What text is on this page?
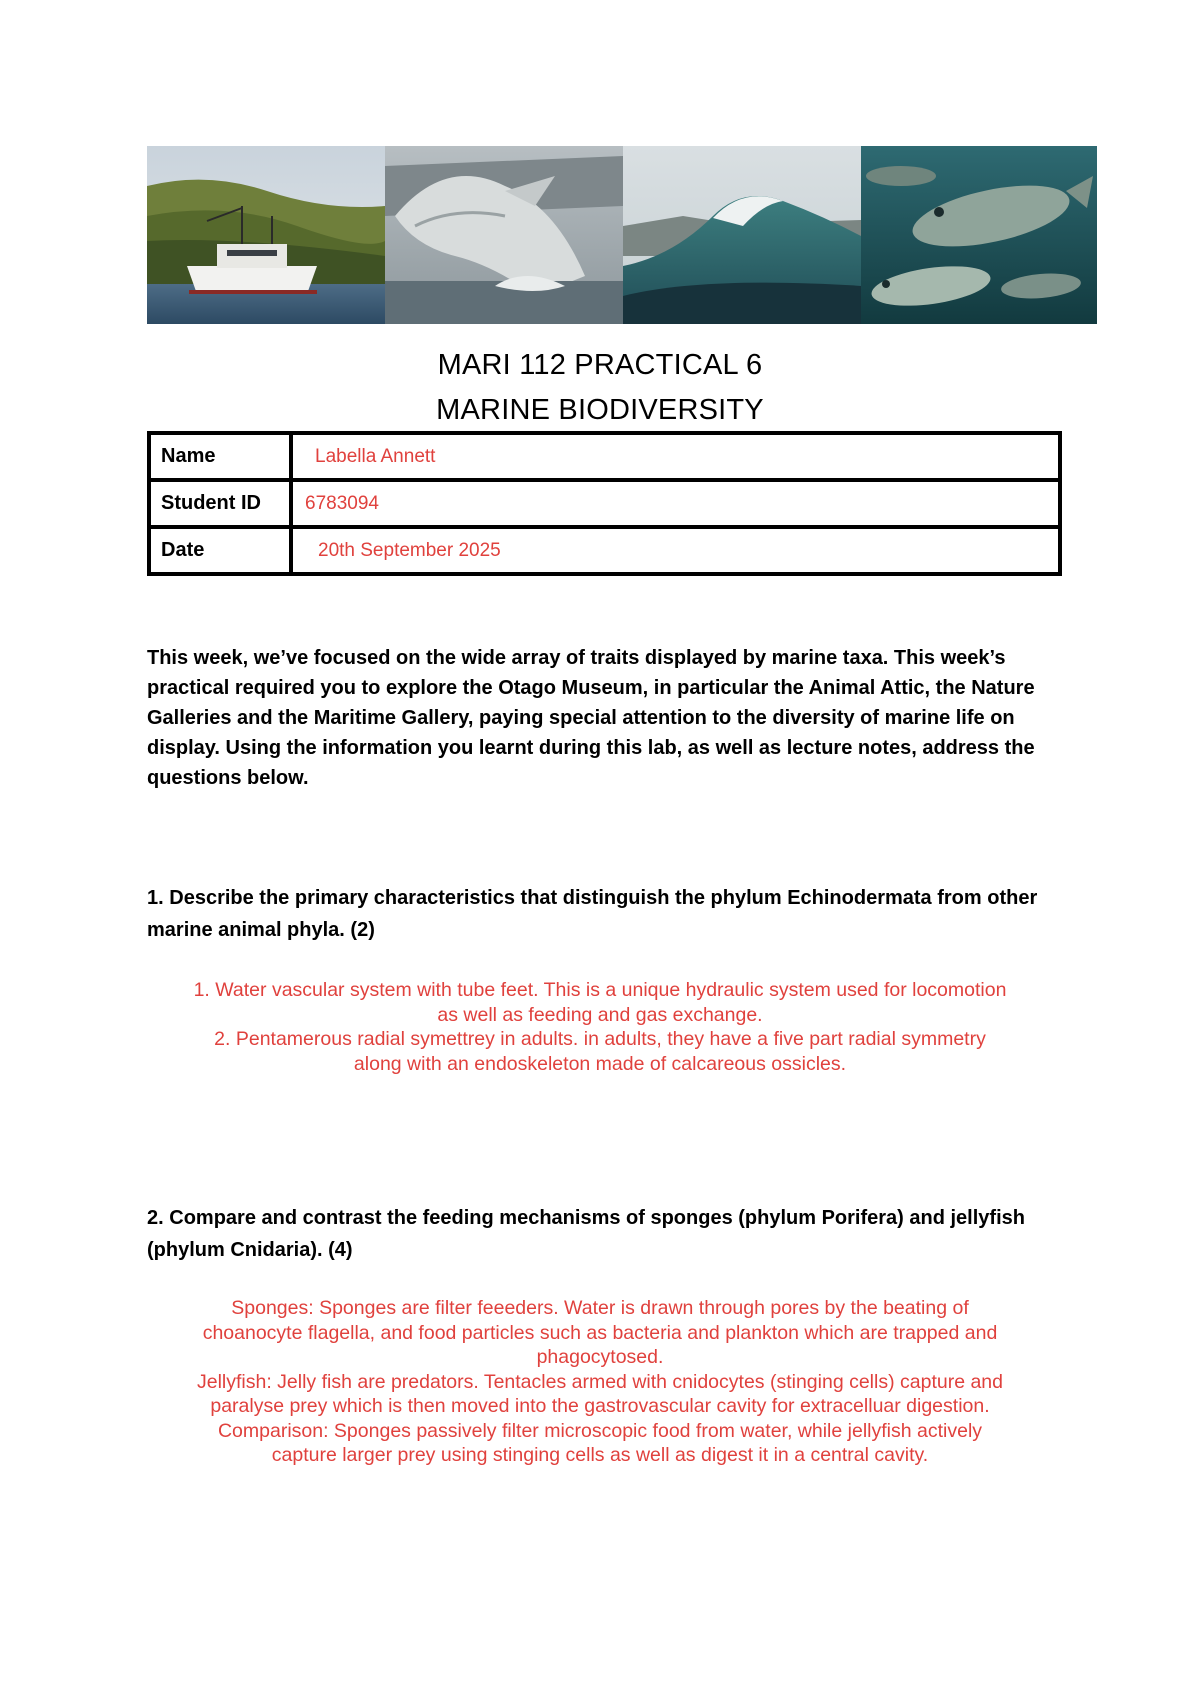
MARI 112 PRACTICAL 6
MARINE BIODIVERSITY
Name	Labella Annett
Student ID	6783094
Date	20th September 2025
This week, we’ve focused on the wide array of traits displayed by marine taxa. This week’s practical required you to explore the Otago Museum, in particular the Animal Attic, the Nature Galleries and the Maritime Gallery, paying special attention to the diversity of marine life on display. Using the information you learnt during this lab, as well as lecture notes, address the questions below.
1. Describe the primary characteristics that distinguish the phylum Echinodermata from other marine animal phyla. (2)

1. Water vascular system with tube feet. This is a unique hydraulic system used for locomotion

as well as feeding and gas exchange.

2. Pentamerous radial symettrey in adults. in adults, they have a five part radial symmetry

along with an endoskeleton made of calcareous ossicles.

2. Compare and contrast the feeding mechanisms of sponges (phylum Porifera) and jellyfish (phylum Cnidaria). (4)

Sponges: Sponges are filter feeeders. Water is drawn through pores by the beating of

choanocyte flagella, and food particles such as bacteria and plankton which are trapped and

phagocytosed.

Jellyfish: Jelly fish are predators. Tentacles armed with cnidocytes (stinging cells) capture and

paralyse prey which is then moved into the gastrovascular cavity for extracelluar digestion.

Comparison: Sponges passively filter microscopic food from water, while jellyfish actively

capture larger prey using stinging cells as well as digest it in a central cavity.
